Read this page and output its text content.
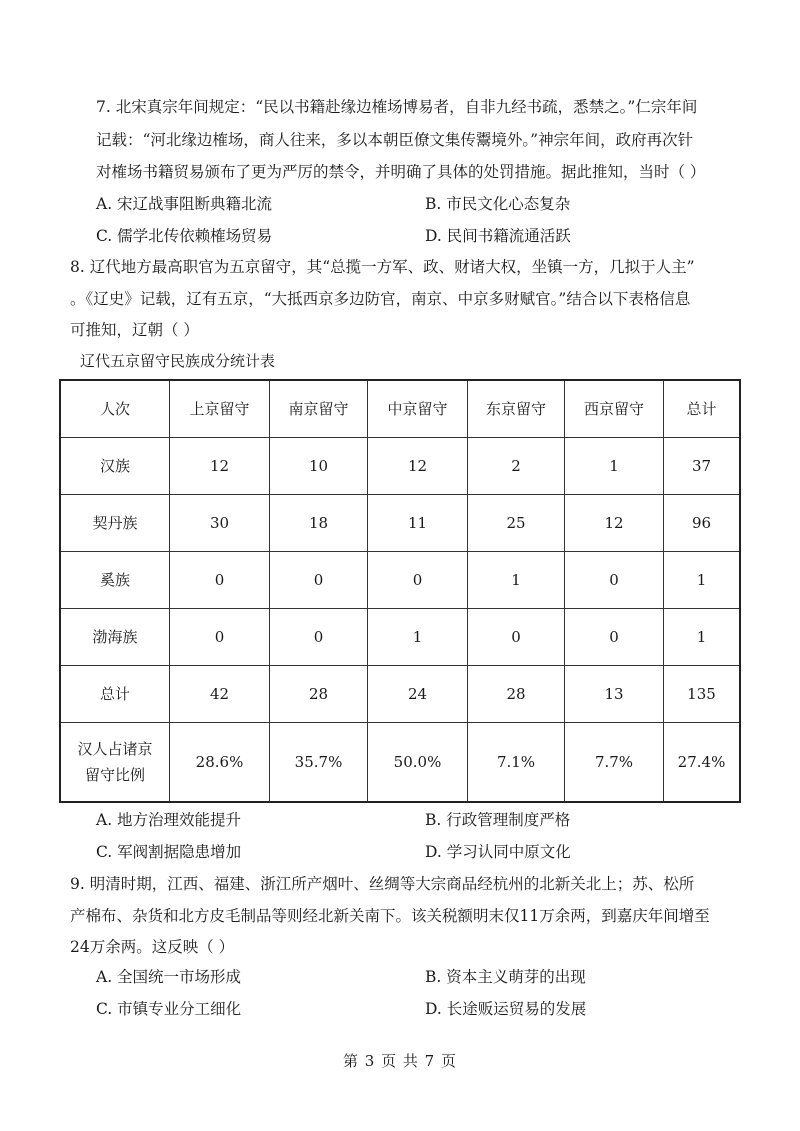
7. 北宋真宗年间规定：“民以书籍赴缘边榷场博易者，自非九经书疏，悉禁之。”仁宗年间
记载：“河北缘边榷场，商人往来，多以本朝臣僚文集传鬻境外。”神宗年间，政府再次针
对榷场书籍贸易颁布了更为严厉的禁令，并明确了具体的处罚措施。据此推知，当时（ ）
A. 宋辽战事阻断典籍北流	B. 市民文化心态复杂
C. 儒学北传依赖榷场贸易	D. 民间书籍流通活跃
8. 辽代地方最高职官为五京留守，其“总揽一方军、政、财诸大权，坐镇一方，几拟于人主”
。《辽史》记载，辽有五京，“大抵西京多边防官，南京、中京多财赋官。”结合以下表格信息
可推知，辽朝（ ）
辽代五京留守民族成分统计表
人次	上京留守	南京留守	中京留守	东京留守	西京留守	总计
汉族	12	10	12	2	1	37
契丹族	30	18	11	25	12	96
奚族	0	0	0	1	0	1
渤海族	0	0	1	0	0	1
总计	42	28	24	28	13	135

汉人占诸京
留守比例	28.6%	35.7%	50.0%	7.1%	7.7%	27.4%
A. 地方治理效能提升	B. 行政管理制度严格
C. 军阀割据隐患增加	D. 学习认同中原文化
9. 明清时期，江西、福建、浙江所产烟叶、丝绸等大宗商品经杭州的北新关北上；苏、松所
产棉布、杂货和北方皮毛制品等则经北新关南下。该关税额明末仅11万余两，到嘉庆年间增至
24万余两。这反映（ ）
A. 全国统一市场形成	B. 资本主义萌芽的出现
C. 市镇专业分工细化	D. 长途贩运贸易的发展
第 3 页 共 7 页
